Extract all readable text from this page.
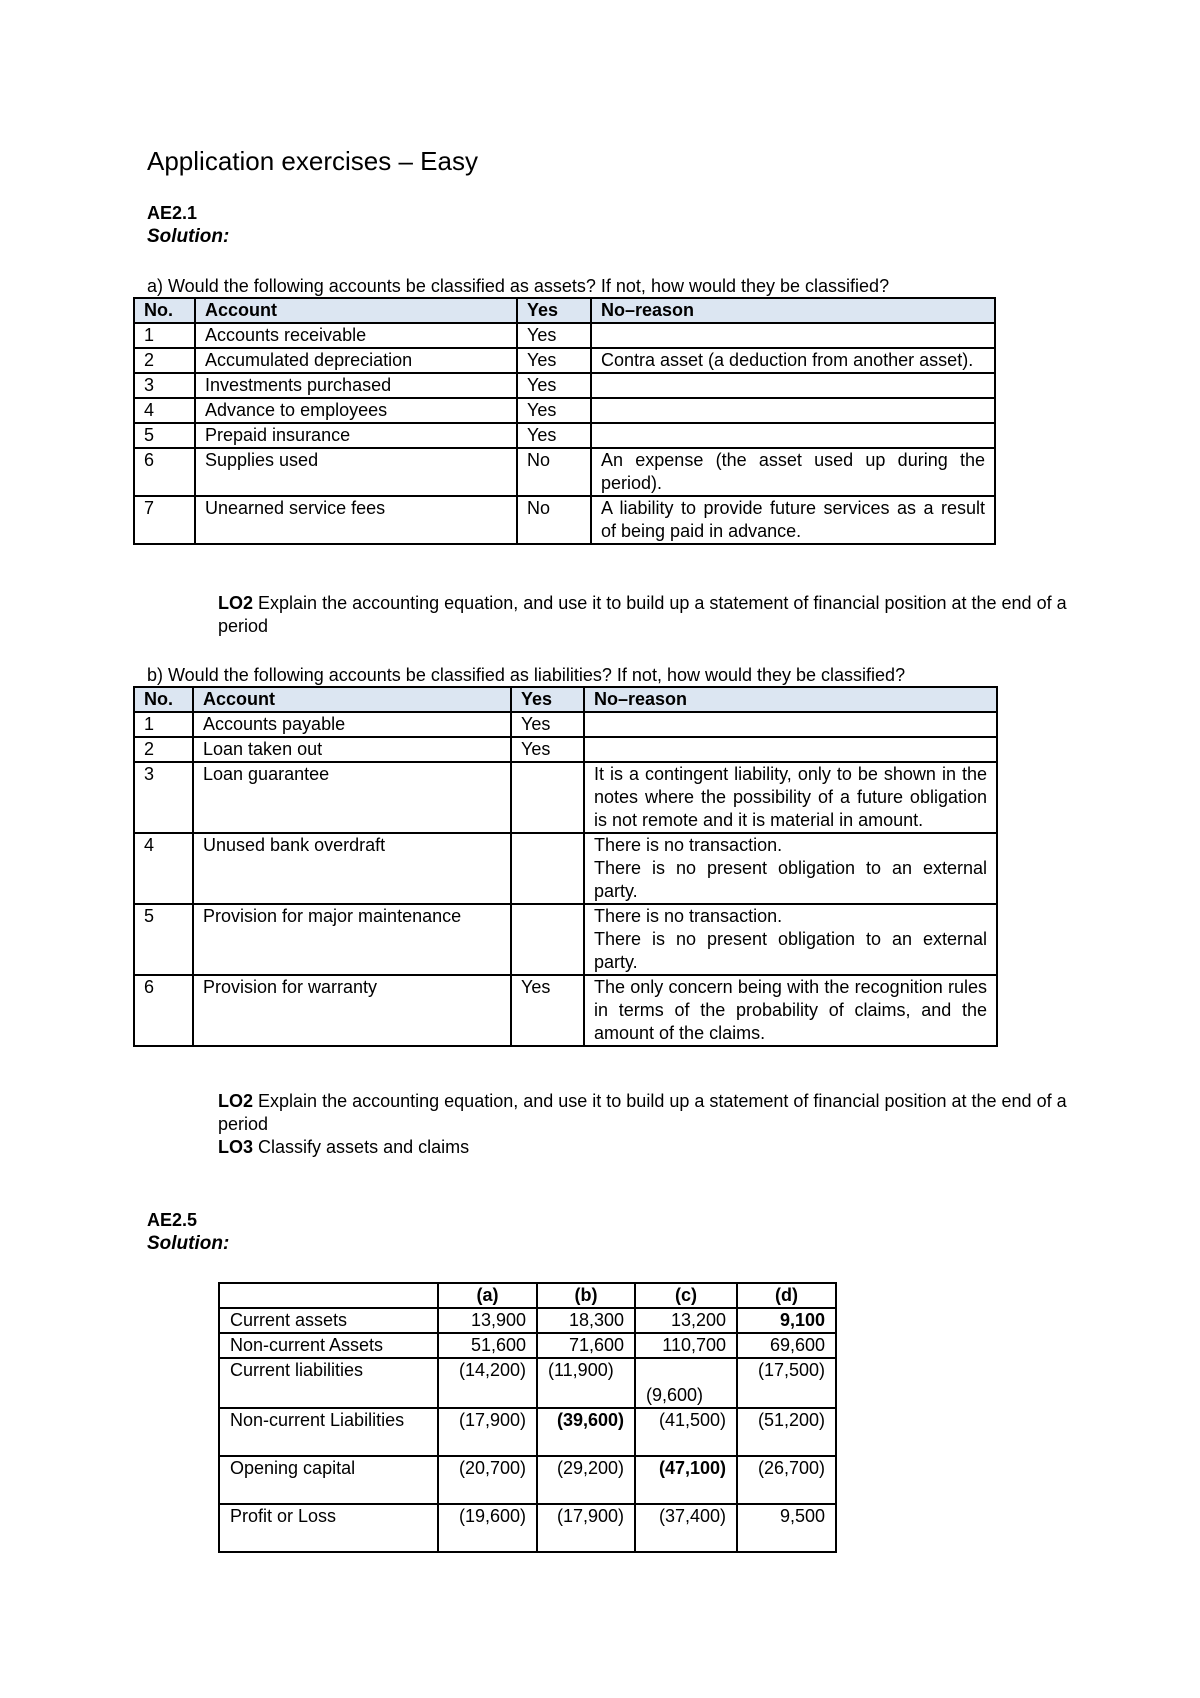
Application exercises – Easy
AE2.1
Solution:
a) Would the following accounts be classified as assets? If not, how would they be classified?
No.	Account	Yes	No–reason
1	Accounts receivable	Yes	
2	Accumulated depreciation	Yes	Contra asset (a deduction from another asset).
3	Investments purchased	Yes	
4	Advance to employees	Yes	
5	Prepaid insurance	Yes	
6	Supplies used	No	An expense (the asset used up during the period).
7	Unearned service fees	No	A liability to provide future services as a result of being paid in advance.
LO2 Explain the accounting equation, and use it to build up a statement of financial position at the end of a period
b) Would the following accounts be classified as liabilities? If not, how would they be classified?
No.	Account	Yes	No–reason
1	Accounts payable	Yes	
2	Loan taken out	Yes	
3	Loan guarantee		It is a contingent liability, only to be shown in the notes where the possibility of a future obligation is not remote and it is material in amount.
4	Unused bank overdraft		There is no transaction.
There is no present obligation to an external party.

5	Provision for major maintenance		There is no transaction.
There is no present obligation to an external party.

6	Provision for warranty	Yes	The only concern being with the recognition rules in terms of the probability of claims, and the amount of the claims.
LO2 Explain the accounting equation, and use it to build up a statement of financial position at the end of a period
LO3 Classify assets and claims
AE2.5
Solution:
	(a)	(b)	(c)	(d)
Current assets	13,900	18,300	13,200	9,100
Non-current Assets	51,600	71,600	110,700	69,600
Current liabilities	(14,200)	(11,900)	(9,600)	(17,500)
Non-current Liabilities	(17,900)	(39,600)	(41,500)	(51,200)
Opening capital	(20,700)	(29,200)	(47,100)	(26,700)
Profit or Loss	(19,600)	(17,900)	(37,400)	9,500
